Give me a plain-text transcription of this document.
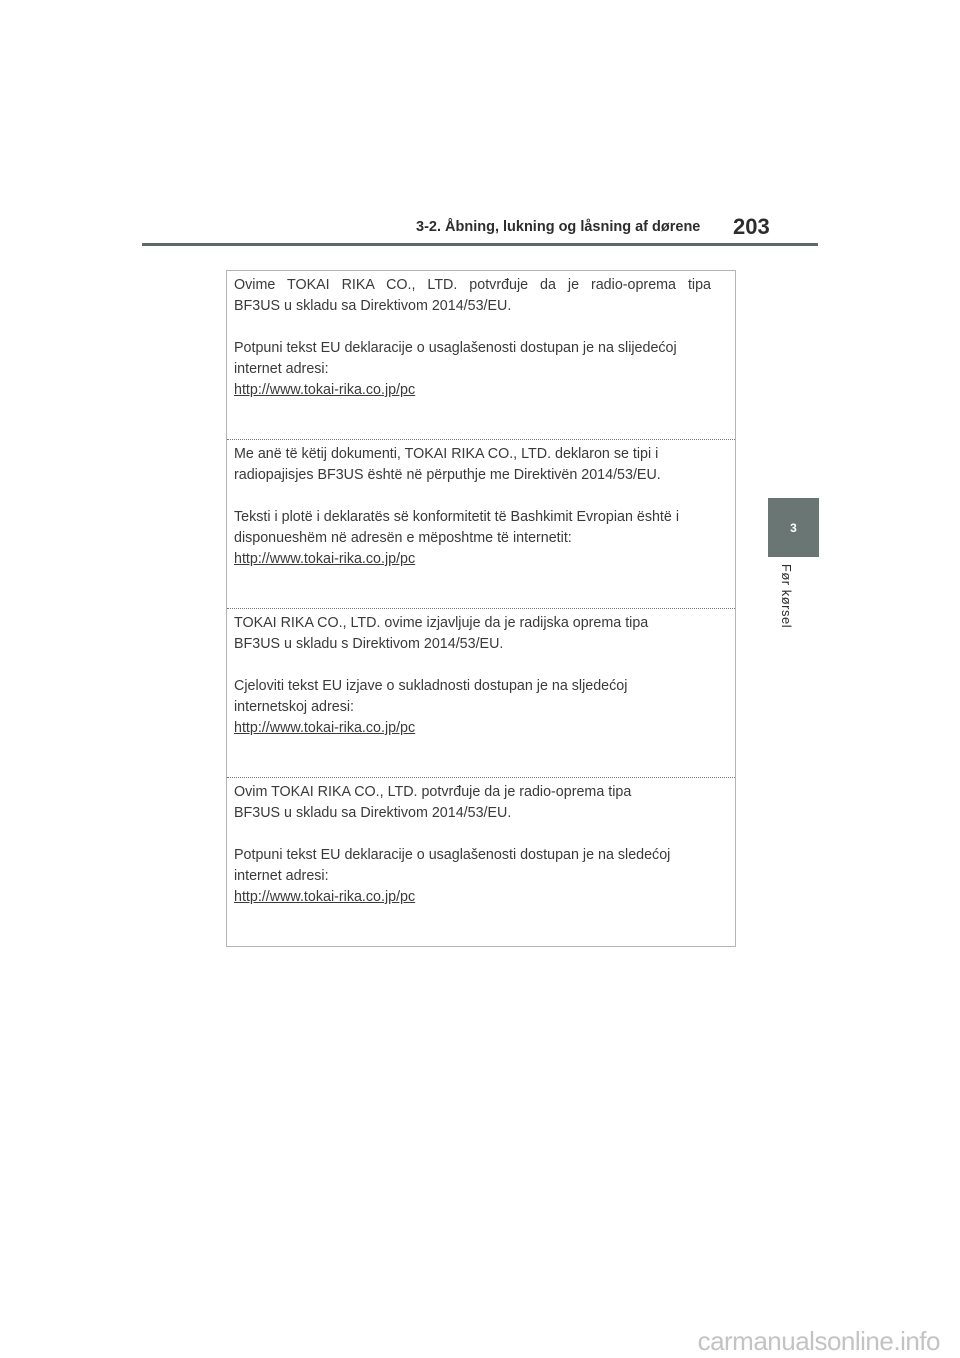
3-2. Åbning, lukning og låsning af dørene 203
3
Før kørsel

Ovime TOKAI RIKA CO., LTD. potvrđuje da je radio-oprema tipa

BF3US u skladu sa Direktivom 2014/53/EU.

Potpuni tekst EU deklaracije o usaglašenosti dostupan je na slijedećoj

internet adresi:

http://www.tokai-rika.co.jp/pc

Me anë të këtij dokumenti, TOKAI RIKA CO., LTD. deklaron se tipi i

radiopajisjes BF3US është në përputhje me Direktivën 2014/53/EU.

Teksti i plotë i deklaratës së konformitetit të Bashkimit Evropian është i

disponueshëm në adresën e mëposhtme të internetit:

http://www.tokai-rika.co.jp/pc

TOKAI RIKA CO., LTD. ovime izjavljuje da je radijska oprema tipa

BF3US u skladu s Direktivom 2014/53/EU.

Cjeloviti tekst EU izjave o sukladnosti dostupan je na sljedećoj

internetskoj adresi:

http://www.tokai-rika.co.jp/pc

Ovim TOKAI RIKA CO., LTD. potvrđuje da je radio-oprema tipa

BF3US u skladu sa Direktivom 2014/53/EU.

Potpuni tekst EU deklaracije o usaglašenosti dostupan je na sledećoj

internet adresi:

http://www.tokai-rika.co.jp/pc
carmanualsonline.info
